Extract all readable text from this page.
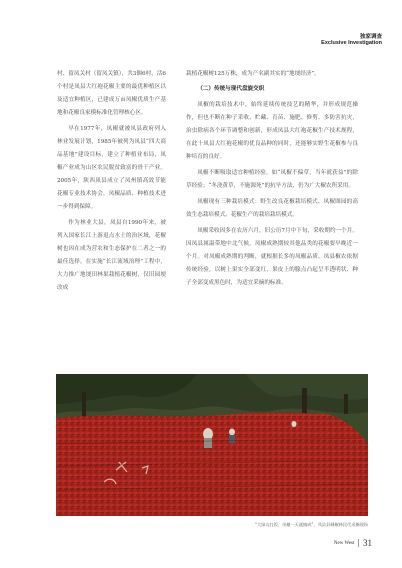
独家调查
Exclusive Investigation

村、留凤关村（留凤关镇），共3個6村，活6个村是凤县大红袍花椒主要的最优种植区以及适宜种植区，已建成万亩凤椒优质生产基地和花椒良家模标准化管理核心区。

早在1977年，凤椒就被凤县政府列入林业发展计划，1985年被列为凤县“四大商品基地”建设目标，建立了种植业布局，凤椒产业成为山区农民脱贫致富的骨干产业。2005年，陕西凤县成立了凤州镇高效节能花椒专业技术协会，凤椒品质、种植技术进一步得到保障。

作为林业大县，凤县自1990年来，被列入国家长江上游退点水土的治区域，花椒树也因在成为营农和生态保护在二者之一的最佳选择。在实施“长江流域治理”工程中，大力推广地埂田林果栽植花椒树，仅旧园埂改成

栽植花椒树125万株，成为产名副其实的“地埂经济”。

（二）传统与现代盘旋交织

凤椒的栽培技术中，始终延续传统技艺的精华，并形成规范操作，但也不断在种子采收、贮藏、育苗、施肥、修剪、多防害抗灾，治虫除病各个环节调整和创新，形成凤县大红袍花椒生产技术规程，在此十凤县大红袍花椒的优良品种的同时，还能够实野生花椒参与良种培育的良好。

凤椒不断吸取适宜种植经验，如“凤椒不偏草，当年就获益”的除草经验；“冬浇黄草，不施源死”的抗旱方法，仍为广大椒农所采用。

凤椒现有三种栽培模式：野生改良花椒栽培模式、凤椒图园的高效生态栽培模式、花椒生产的栽培栽培模式。

凤椒采收因多在农历六月，旧公历7月中下旬，采收期约一个月。因凤县属温带地中北气候，凤椒成熟期较其他品类的花椒要早晚近一个月。对凤椒成熟期的判断，就根据长多的凤椒品质。凤县椒农依据传统经验，以树上果实全部变红、果皮上的腺点凸起呈半透明状、种子全部变成黑色时，为适宜采摘的标准。

“大绿丸打饭、凤椒一天就摘成”，凤县县城椒林民代采摘现场
New West 31
